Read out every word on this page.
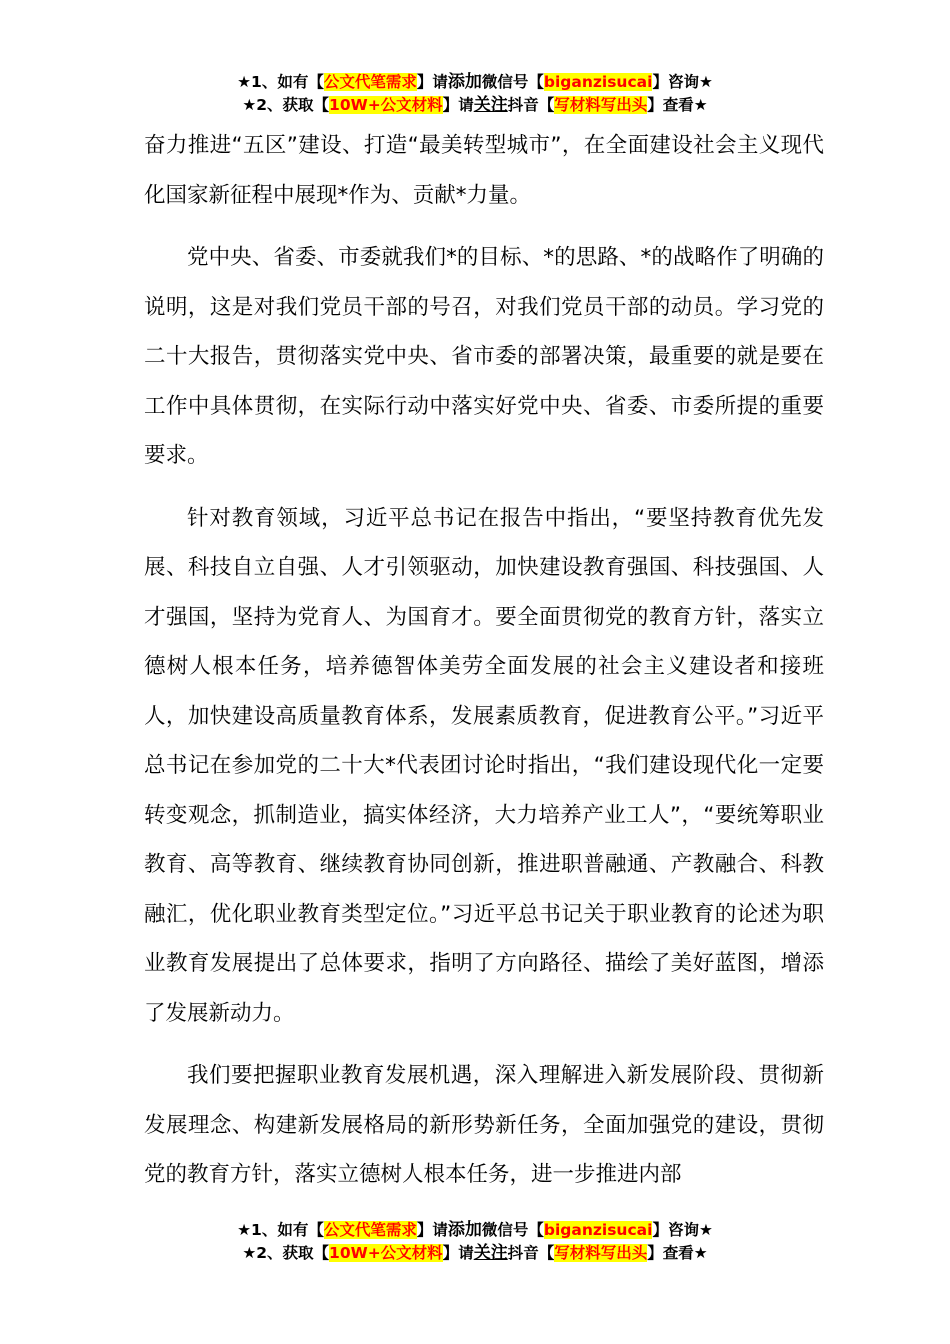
★1、如有【公文代笔需求】请添加微信号【biganzisucai】咨询★
★2、获取【10W+公文材料】请关注抖音【写材料写出头】查看★

奋力推进“五区”建设、打造“最美转型城市”，在全面建设社会主义现代化国家新征程中展现*作为、贡献*力量。

党中央、省委、市委就我们*的目标、*的思路、*的战略作了明确的说明，这是对我们党员干部的号召，对我们党员干部的动员。学习党的二十大报告，贯彻落实党中央、省市委的部署决策，最重要的就是要在工作中具体贯彻，在实际行动中落实好党中央、省委、市委所提的重要要求。

针对教育领域，习近平总书记在报告中指出，“要坚持教育优先发展、科技自立自强、人才引领驱动，加快建设教育强国、科技强国、人才强国，坚持为党育人、为国育才。要全面贯彻党的教育方针，落实立德树人根本任务，培养德智体美劳全面发展的社会主义建设者和接班人，加快建设高质量教育体系，发展素质教育，促进教育公平。”习近平总书记在参加党的二十大*代表团讨论时指出，“我们建设现代化一定要转变观念，抓制造业，搞实体经济，大力培养产业工人”，“要统筹职业教育、高等教育、继续教育协同创新，推进职普融通、产教融合、科教融汇，优化职业教育类型定位。”习近平总书记关于职业教育的论述为职业教育发展提出了总体要求，指明了方向路径、描绘了美好蓝图，增添了发展新动力。

我们要把握职业教育发展机遇，深入理解进入新发展阶段、贯彻新发展理念、构建新发展格局的新形势新任务，全面加强党的建设，贯彻党的教育方针，落实立德树人根本任务，进一步推进内部

★1、如有【公文代笔需求】请添加微信号【biganzisucai】咨询★
★2、获取【10W+公文材料】请关注抖音【写材料写出头】查看★
